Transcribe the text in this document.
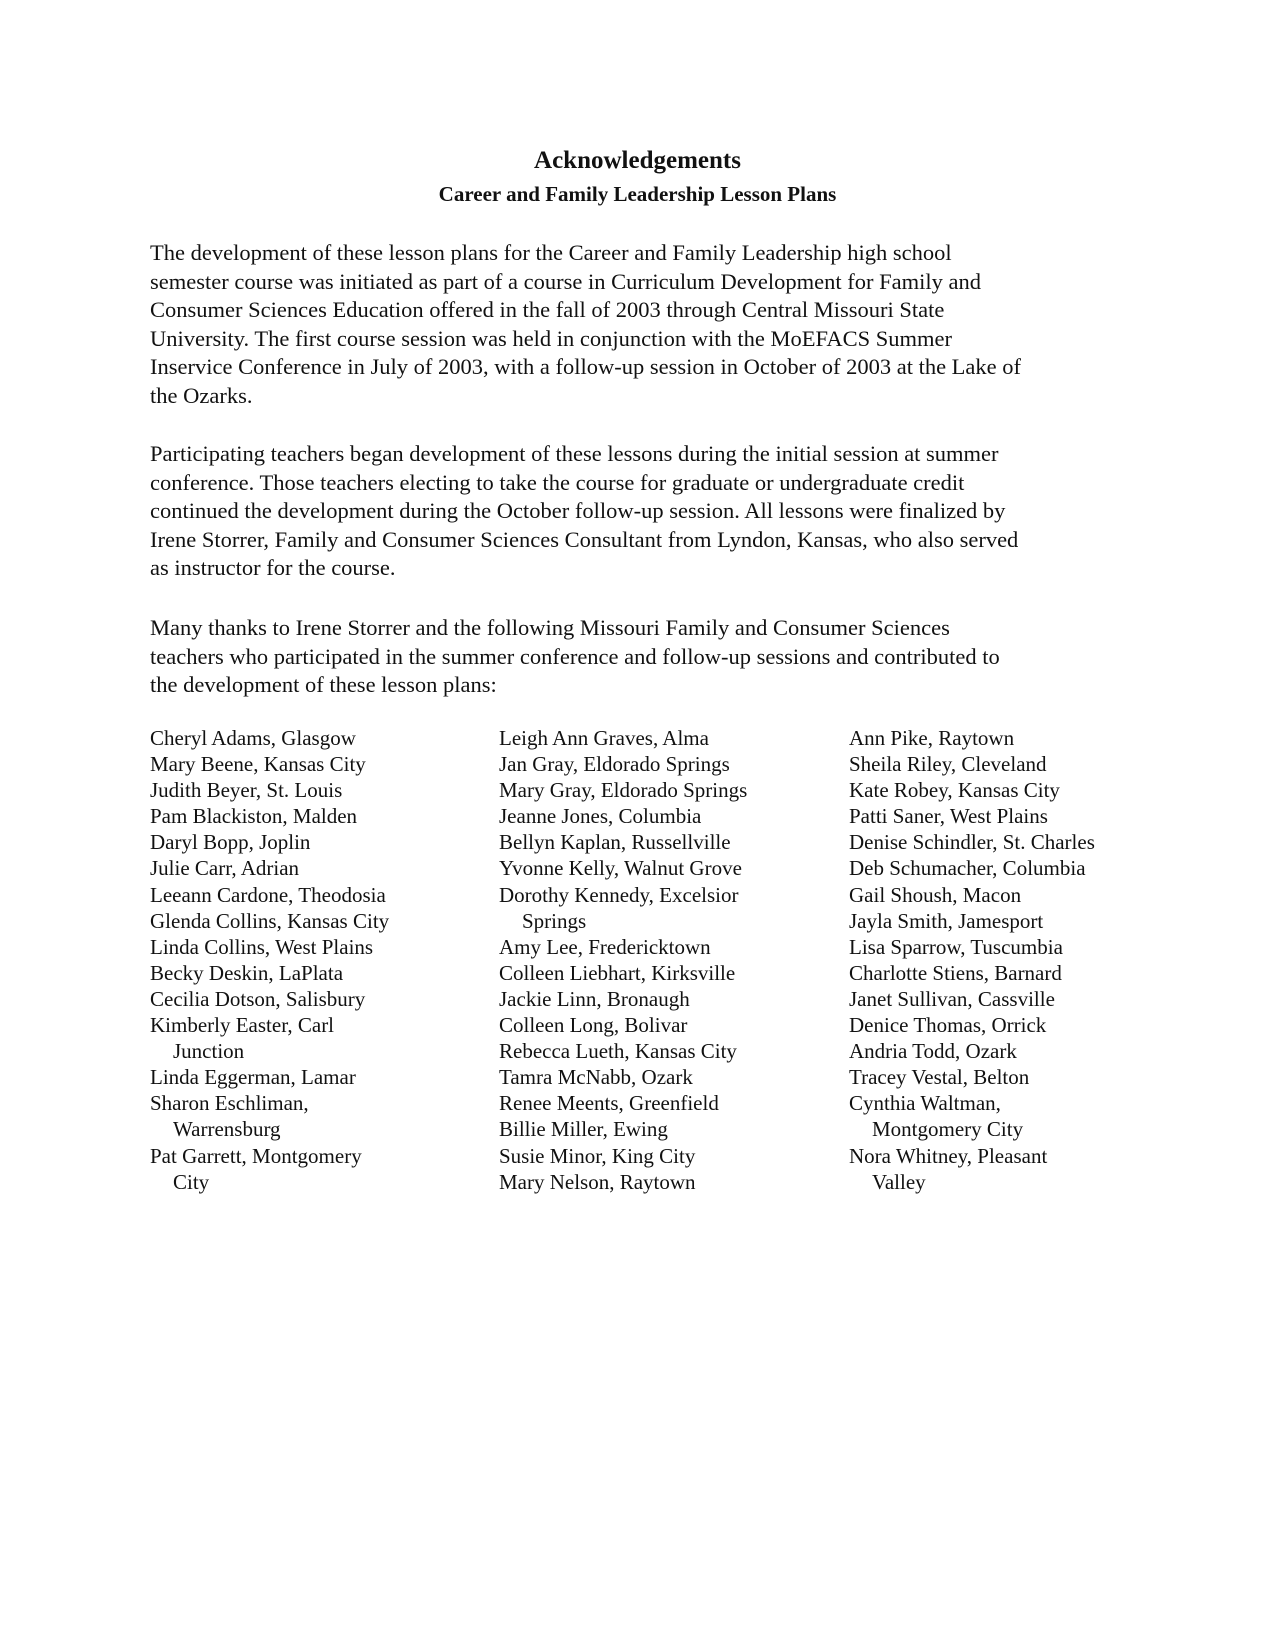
Acknowledgements
Career and Family Leadership Lesson Plans

The development of these lesson plans for the Career and Family Leadership high school
semester course was initiated as part of a course in Curriculum Development for Family and
Consumer Sciences Education offered in the fall of 2003 through Central Missouri State
University. The first course session was held in conjunction with the MoEFACS Summer
Inservice Conference in July of 2003, with a follow-up session in October of 2003 at the Lake of
the Ozarks.

Participating teachers began development of these lessons during the initial session at summer
conference. Those teachers electing to take the course for graduate or undergraduate credit
continued the development during the October follow-up session. All lessons were finalized by
Irene Storrer, Family and Consumer Sciences Consultant from Lyndon, Kansas, who also served
as instructor for the course.

Many thanks to Irene Storrer and the following Missouri Family and Consumer Sciences
teachers who participated in the summer conference and follow-up sessions and contributed to
the development of these lesson plans:

Cheryl Adams, Glasgow
Mary Beene, Kansas City
Judith Beyer, St. Louis
Pam Blackiston, Malden
Daryl Bopp, Joplin
Julie Carr, Adrian
Leeann Cardone, Theodosia
Glenda Collins, Kansas City
Linda Collins, West Plains
Becky Deskin, LaPlata
Cecilia Dotson, Salisbury
Kimberly Easter, Carl
Junction
Linda Eggerman, Lamar
Sharon Eschliman,
Warrensburg
Pat Garrett, Montgomery
City
Leigh Ann Graves, Alma
Jan Gray, Eldorado Springs
Mary Gray, Eldorado Springs
Jeanne Jones, Columbia
Bellyn Kaplan, Russellville
Yvonne Kelly, Walnut Grove
Dorothy Kennedy, Excelsior
Springs
Amy Lee, Fredericktown
Colleen Liebhart, Kirksville
Jackie Linn, Bronaugh
Colleen Long, Bolivar
Rebecca Lueth, Kansas City
Tamra McNabb, Ozark
Renee Meents, Greenfield
Billie Miller, Ewing
Susie Minor, King City
Mary Nelson, Raytown
Ann Pike, Raytown
Sheila Riley, Cleveland
Kate Robey, Kansas City
Patti Saner, West Plains
Denise Schindler, St. Charles
Deb Schumacher, Columbia
Gail Shoush, Macon
Jayla Smith, Jamesport
Lisa Sparrow, Tuscumbia
Charlotte Stiens, Barnard
Janet Sullivan, Cassville
Denice Thomas, Orrick
Andria Todd, Ozark
Tracey Vestal, Belton
Cynthia Waltman,
Montgomery City
Nora Whitney, Pleasant
Valley
